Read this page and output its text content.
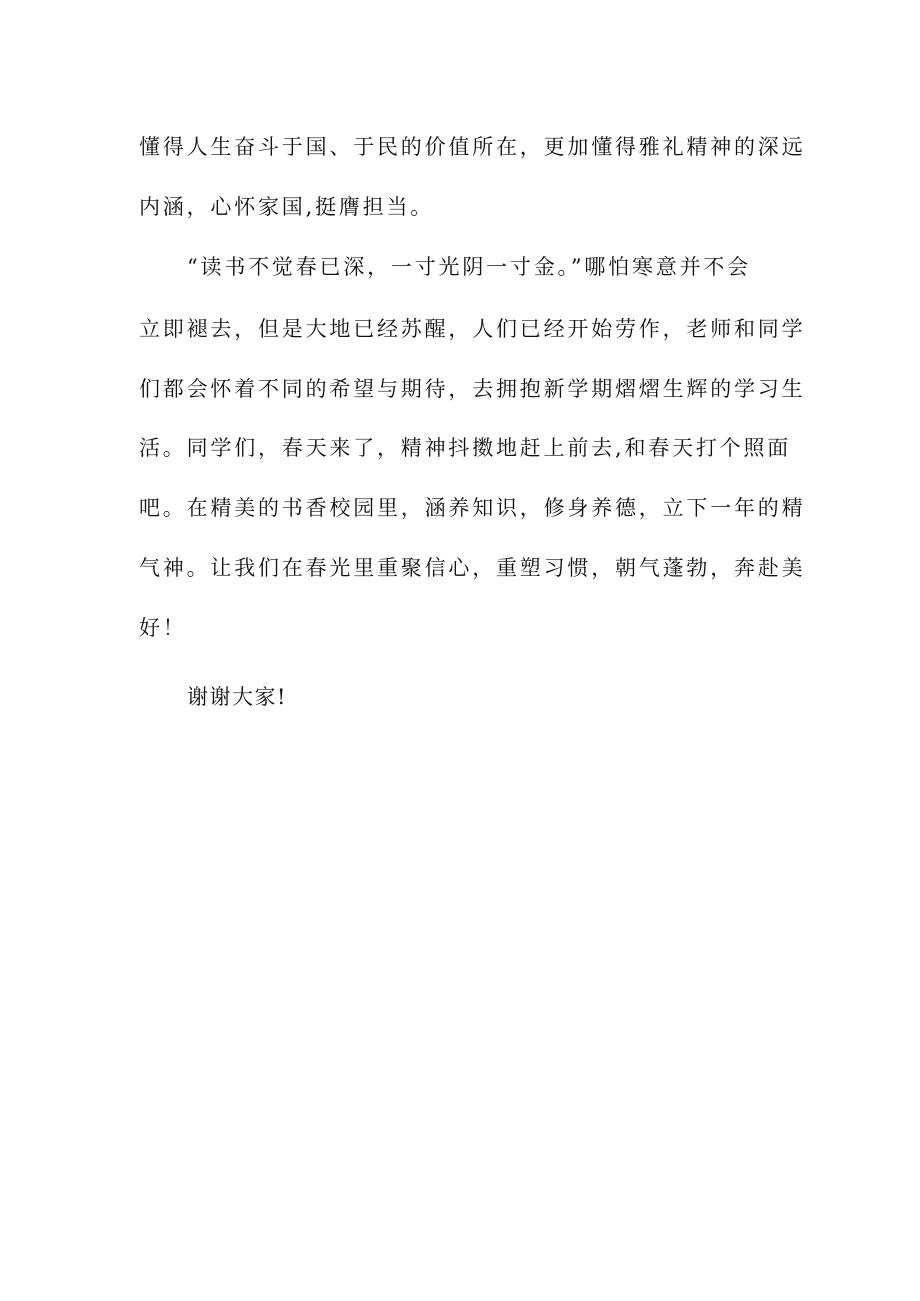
懂得人生奋斗于国、于民的价值所在，更加懂得雅礼精神的深远
内涵，心怀家国,挺膺担当。
“读书不觉春已深，一寸光阴一寸金。”哪怕寒意并不会
立即褪去，但是大地已经苏醒，人们已经开始劳作，老师和同学
们都会怀着不同的希望与期待，去拥抱新学期熠熠生辉的学习生
活。同学们，春天来了，精神抖擞地赶上前去,和春天打个照面
吧。在精美的书香校园里，涵养知识，修身养德，立下一年的精
气神。让我们在春光里重聚信心，重塑习惯，朝气蓬勃，奔赴美
好！
谢谢大家!
